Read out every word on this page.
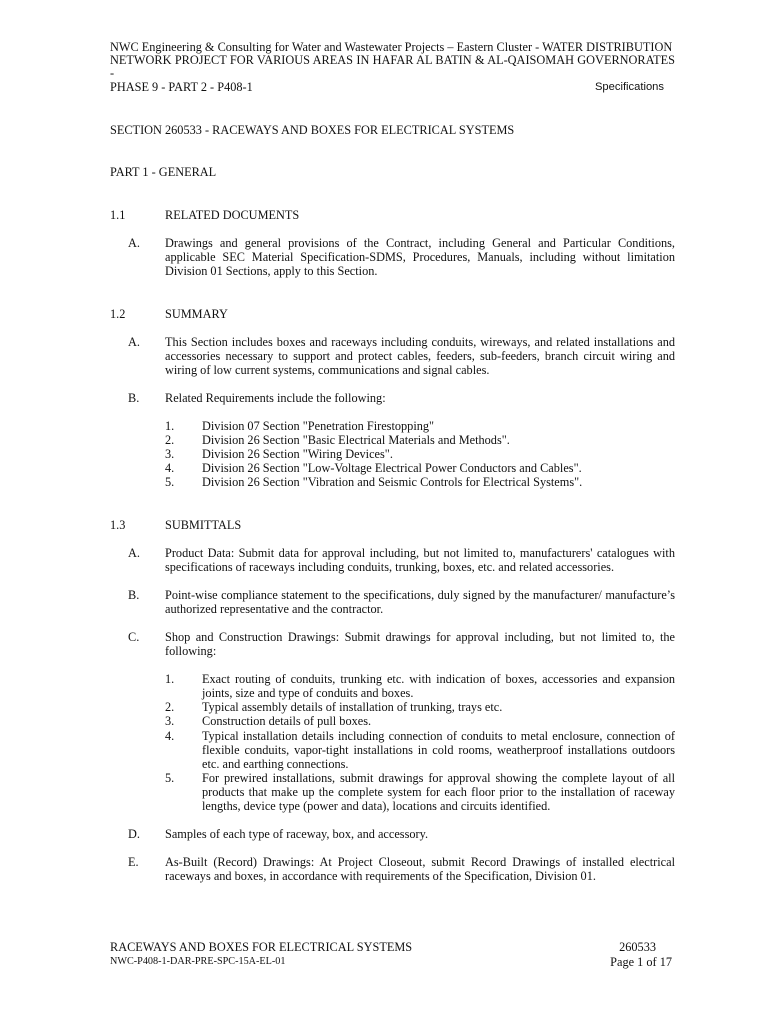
NWC Engineering & Consulting for Water and Wastewater Projects – Eastern Cluster - WATER DISTRIBUTION
NETWORK PROJECT FOR VARIOUS AREAS IN HAFAR AL BATIN & AL-QAISOMAH GOVERNORATES -
PHASE 9 - PART 2 - P408-1	Specifications
SECTION 260533 - RACEWAYS AND BOXES FOR ELECTRICAL SYSTEMS
PART 1 - GENERAL
1.1	RELATED DOCUMENTS
A.	Drawings and general provisions of the Contract, including General and Particular Conditions, applicable SEC Material Specification-SDMS, Procedures, Manuals, including without limitation Division 01 Sections, apply to this Section.
1.2	SUMMARY
A.	This Section includes boxes and raceways including conduits, wireways, and related installations and accessories necessary to support and protect cables, feeders, sub-feeders, branch circuit wiring and wiring of low current systems, communications and signal cables.
B.	Related Requirements include the following:
1.	Division 07 Section "Penetration Firestopping"
2.	Division 26 Section "Basic Electrical Materials and Methods".
3.	Division 26 Section "Wiring Devices".
4.	Division 26 Section "Low-Voltage Electrical Power Conductors and Cables".
5.	Division 26 Section "Vibration and Seismic Controls for Electrical Systems".
1.3	SUBMITTALS
A.	Product Data: Submit data for approval including, but not limited to, manufacturers' catalogues with specifications of raceways including conduits, trunking, boxes, etc. and related accessories.
B.	Point-wise compliance statement to the specifications, duly signed by the manufacturer/ manufacture’s authorized representative and the contractor.
C.	Shop and Construction Drawings: Submit drawings for approval including, but not limited to, the following:
1.	Exact routing of conduits, trunking etc. with indication of boxes, accessories and expansion joints, size and type of conduits and boxes.
2.	Typical assembly details of installation of trunking, trays etc.
3.	Construction details of pull boxes.
4.	Typical installation details including connection of conduits to metal enclosure, connection of flexible conduits, vapor-tight installations in cold rooms, weatherproof installations outdoors etc. and earthing connections.
5.	For prewired installations, submit drawings for approval showing the complete layout of all products that make up the complete system for each floor prior to the installation of raceway lengths, device type (power and data), locations and circuits identified.
D.	Samples of each type of raceway, box, and accessory.
E.	As-Built (Record) Drawings: At Project Closeout, submit Record Drawings of installed electrical raceways and boxes, in accordance with requirements of the Specification, Division 01.
RACEWAYS AND BOXES FOR ELECTRICAL SYSTEMS	260533
NWC-P408-1-DAR-PRE-SPC-15A-EL-01	Page 1 of 17
